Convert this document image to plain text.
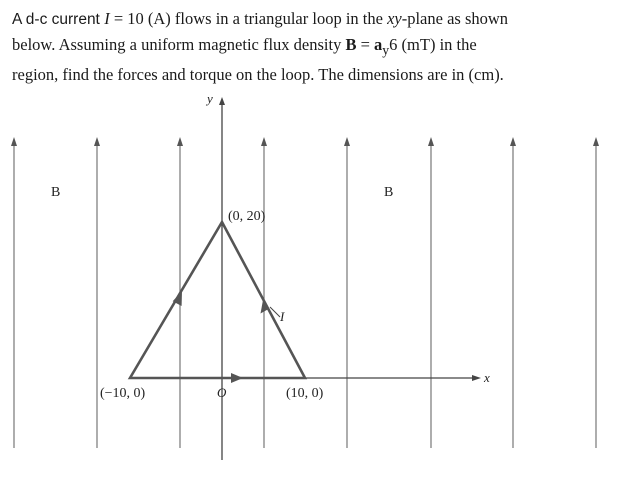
A d-c current I = 10 (A) flows in a triangular loop in the xy-plane as shown

below. Assuming a uniform magnetic flux density $B = a_y6$ (mT) in the

region, find the forces and torque on the loop. The dimensions are in (cm).

y
x
O
(0, 20)
(−10, 0)	(10, 0)
I
B	B
